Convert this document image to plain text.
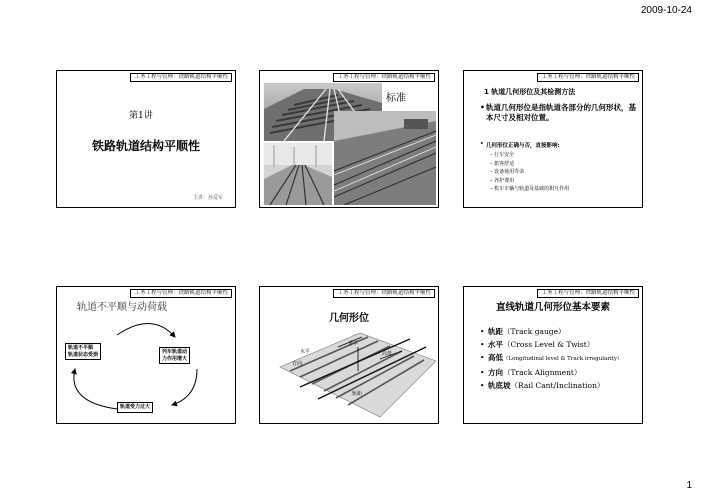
2009-10-24
工务工程与管理：铁路轨道结构平顺性
第1讲
铁路轨道结构平顺性
主讲：孙爱军
工务工程与管理：铁路轨道结构平顺性
标准
工务工程与管理：铁路轨道结构平顺性
1 轨道几何形位及其检测方法
• 轨道几何形位是指轨道各部分的几何形状，基本尺寸及相对位置。
• 几何形位正确与否，直接影响:
– 行车安全
– 旅客舒适
– 设备使用寿命
– 养护费用
– 机车车辆与轨道及基础的相互作用
工务工程与管理：铁路轨道结构平顺性
轨道不平顺与动荷载
轨道不平顺
轨道状态受损	列车轨道动
力作用增大
轨道受力过大
工务工程与管理：铁路轨道结构平顺性
几何形位
垂平
高低
方向
水平
轨距
工务工程与管理：铁路轨道结构平顺性
直线轨道几何形位基本要素
• 轨距（Track gauge）
• 水平（Cross Level & Twist）
• 高低（Longitudinal level & Track irregularity）
• 方向（Track Alignment）
• 轨底坡（Rail Cant/Inclination）
1
